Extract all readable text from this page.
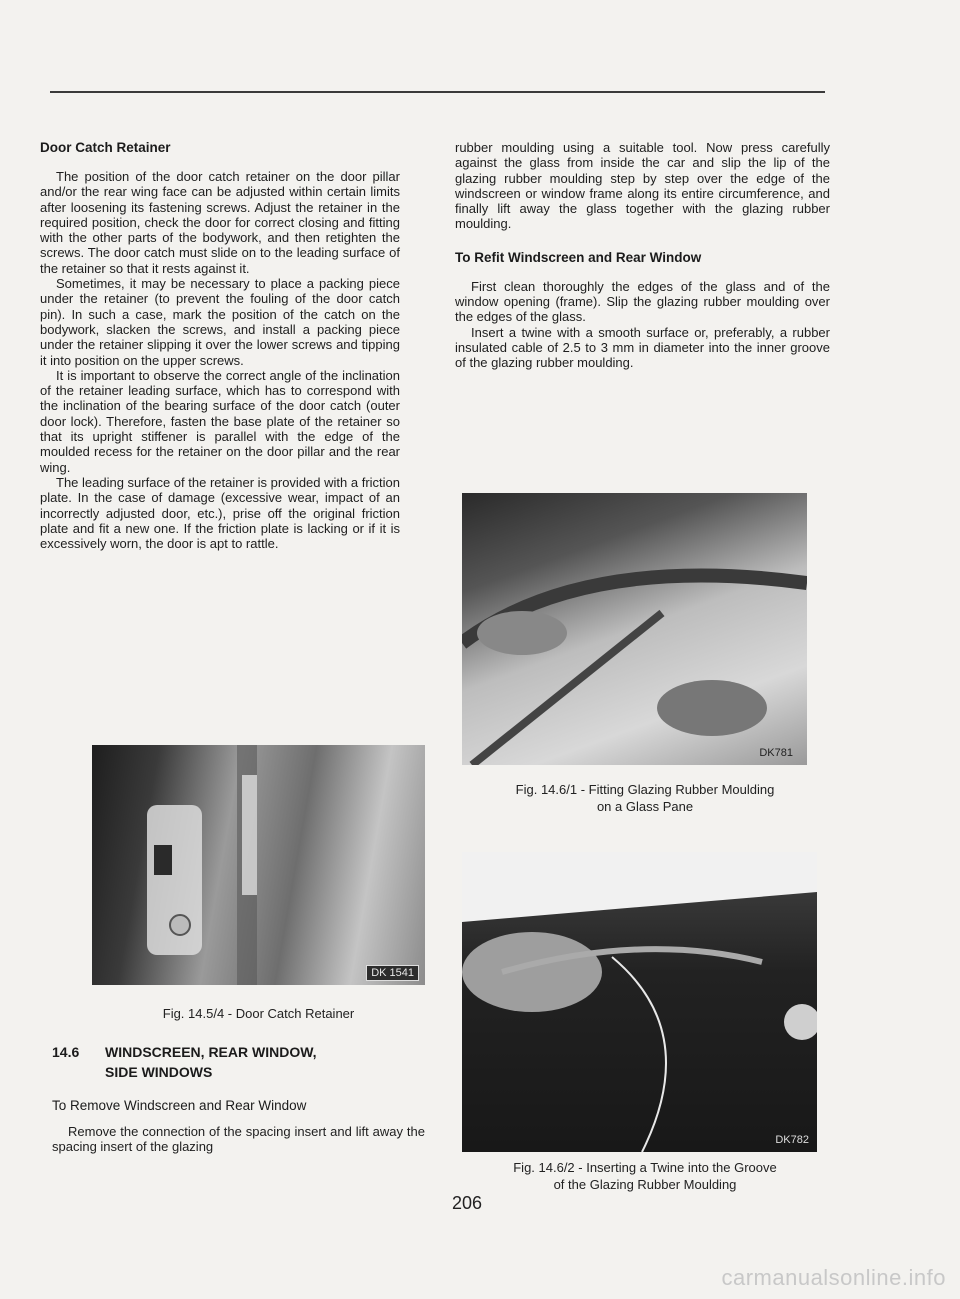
Door Catch Retainer

The position of the door catch retainer on the door pillar and/or the rear wing face can be adjusted within certain limits after loosening its fastening screws. Adjust the retainer in the required position, check the door for correct closing and fitting with the other parts of the bodywork, and then retighten the screws. The door catch must slide on to the leading surface of the retainer so that it rests against it.

Sometimes, it may be necessary to place a packing piece under the retainer (to prevent the fouling of the door catch pin). In such a case, mark the position of the catch on the bodywork, slacken the screws, and install a packing piece under the retainer slipping it over the lower screws and tipping it into position on the upper screws.

It is important to observe the correct angle of the inclination of the retainer leading surface, which has to correspond with the inclination of the bearing surface of the door catch (outer door lock). Therefore, fasten the base plate of the retainer so that its upright stiffener is parallel with the edge of the moulded recess for the retainer on the door pillar and the rear wing.

The leading surface of the retainer is provided with a friction plate. In the case of damage (excessive wear, impact of an incorrectly adjusted door, etc.), prise off the original friction plate and fit a new one. If the friction plate is lacking or if it is excessively worn, the door is apt to rattle.

DK 1541
Fig. 14.5/4 - Door Catch Retainer
14.6 WINDSCREEN, REAR WINDOW,
SIDE WINDOWS
To Remove Windscreen and Rear Window

Remove the connection of the spacing insert and lift away the spacing insert of the glazing

rubber moulding using a suitable tool. Now press carefully against the glass from inside the car and slip the lip of the glazing rubber moulding step by step over the edge of the windscreen or window frame along its entire circumference, and finally lift away the glass together with the glazing rubber moulding.

To Refit Windscreen and Rear Window

First clean thoroughly the edges of the glass and of the window opening (frame). Slip the glazing rubber moulding over the edges of the glass.

Insert a twine with a smooth surface or, preferably, a rubber insulated cable of 2.5 to 3 mm in diameter into the inner groove of the glazing rubber moulding.

DK781
Fig. 14.6/1 - Fitting Glazing Rubber Moulding
on a Glass Pane
DK782
Fig. 14.6/2 - Inserting a Twine into the Groove
of the Glazing Rubber Moulding
206
carmanualsonline.info
